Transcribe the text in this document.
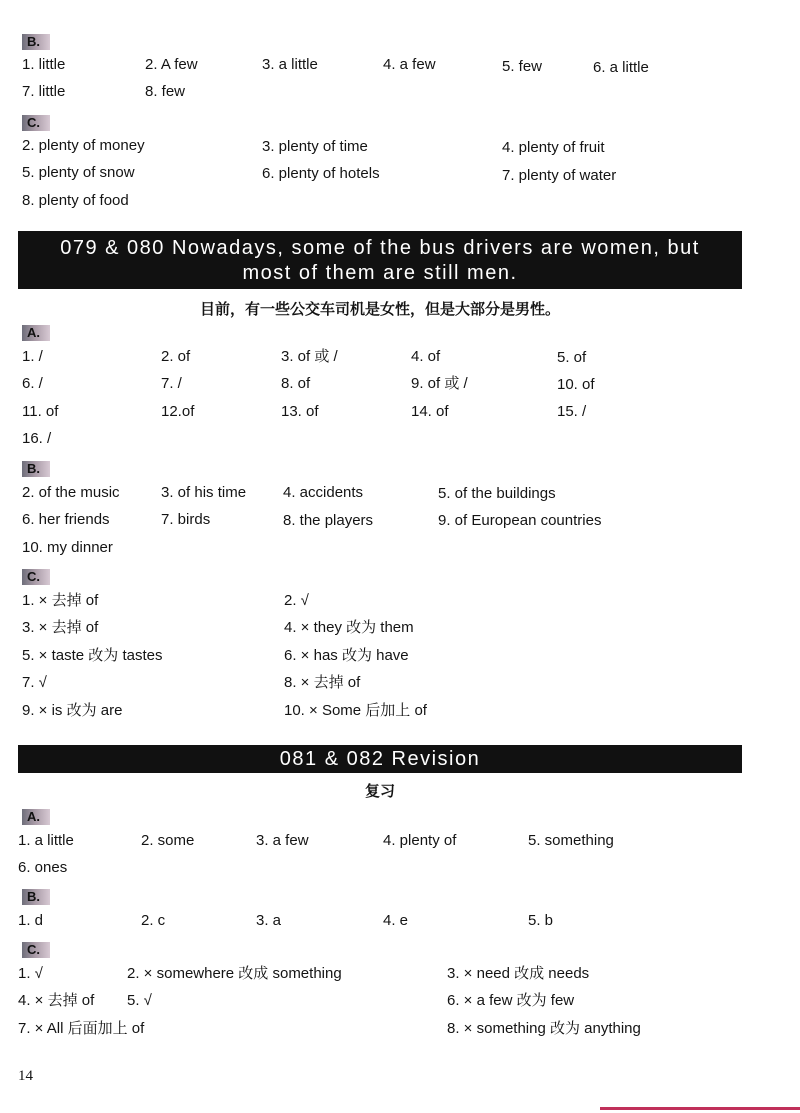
B.
1. little	2. A few	3. a little	4. a few	5. few	6. a little
7. little	8. few
C.
2. plenty of money	3. plenty of time	4. plenty of fruit
5. plenty of snow	6. plenty of hotels	7. plenty of water
8. plenty of food
079 & 080 Nowadays, some of the bus drivers are women, but
most of them are still men.
目前，有一些公交车司机是女性，但是大部分是男性。
A.
1. /	2. of	3. of 或 /	4. of	5. of
6. /	7. /	8. of	9. of 或 /	10. of
11. of	12.of	13. of	14. of	15. /
16. /
B.
2. of the music	3. of his time 4. accidents	5. of the buildings
6. her friends	7. birds	8. the players	9. of European countries
10. my dinner
C.
1. × 去掉 of	2. √
3. × 去掉 of	4. × they 改为 them
5. × taste 改为 tastes	6. × has 改为 have
7. √	8. × 去掉 of
9. × is 改为 are	10. × Some 后加上 of
081 & 082 Revision
复习
A.
1. a little	2. some	3. a few	4. plenty of	5. something
6. ones
B.
1. d	2. c	3. a	4. e	5. b
C.
1. √	2. × somewhere 改成 something	3. × need 改成 needs
4. × 去掉 of 5. √	6. × a few 改为 few
7. × All 后面加上 of	8. × something 改为 anything
14
